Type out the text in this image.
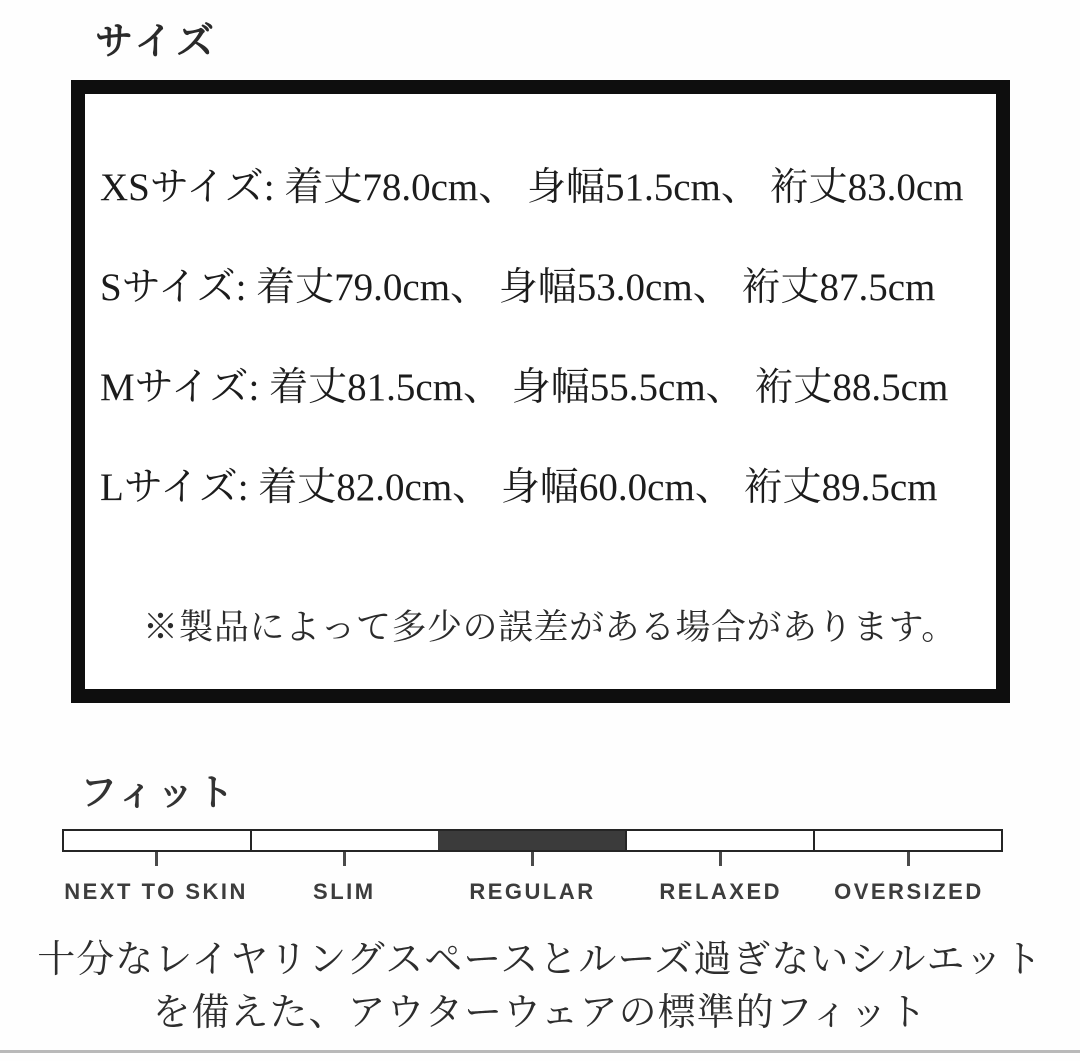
サイズ
XSサイズ: 着丈78.0cm、 身幅51.5cm、 裄丈83.0cm
Sサイズ: 着丈79.0cm、 身幅53.0cm、 裄丈87.5cm
Mサイズ: 着丈81.5cm、 身幅55.5cm、 裄丈88.5cm
Lサイズ: 着丈82.0cm、 身幅60.0cm、 裄丈89.5cm
※製品によって多少の誤差がある場合があります。
フィット
NEXT TO SKIN	SLIM	REGULAR	RELAXED OVERSIZED
十分なレイヤリングスペースとルーズ過ぎないシルエット
を備えた、アウターウェアの標準的フィット
